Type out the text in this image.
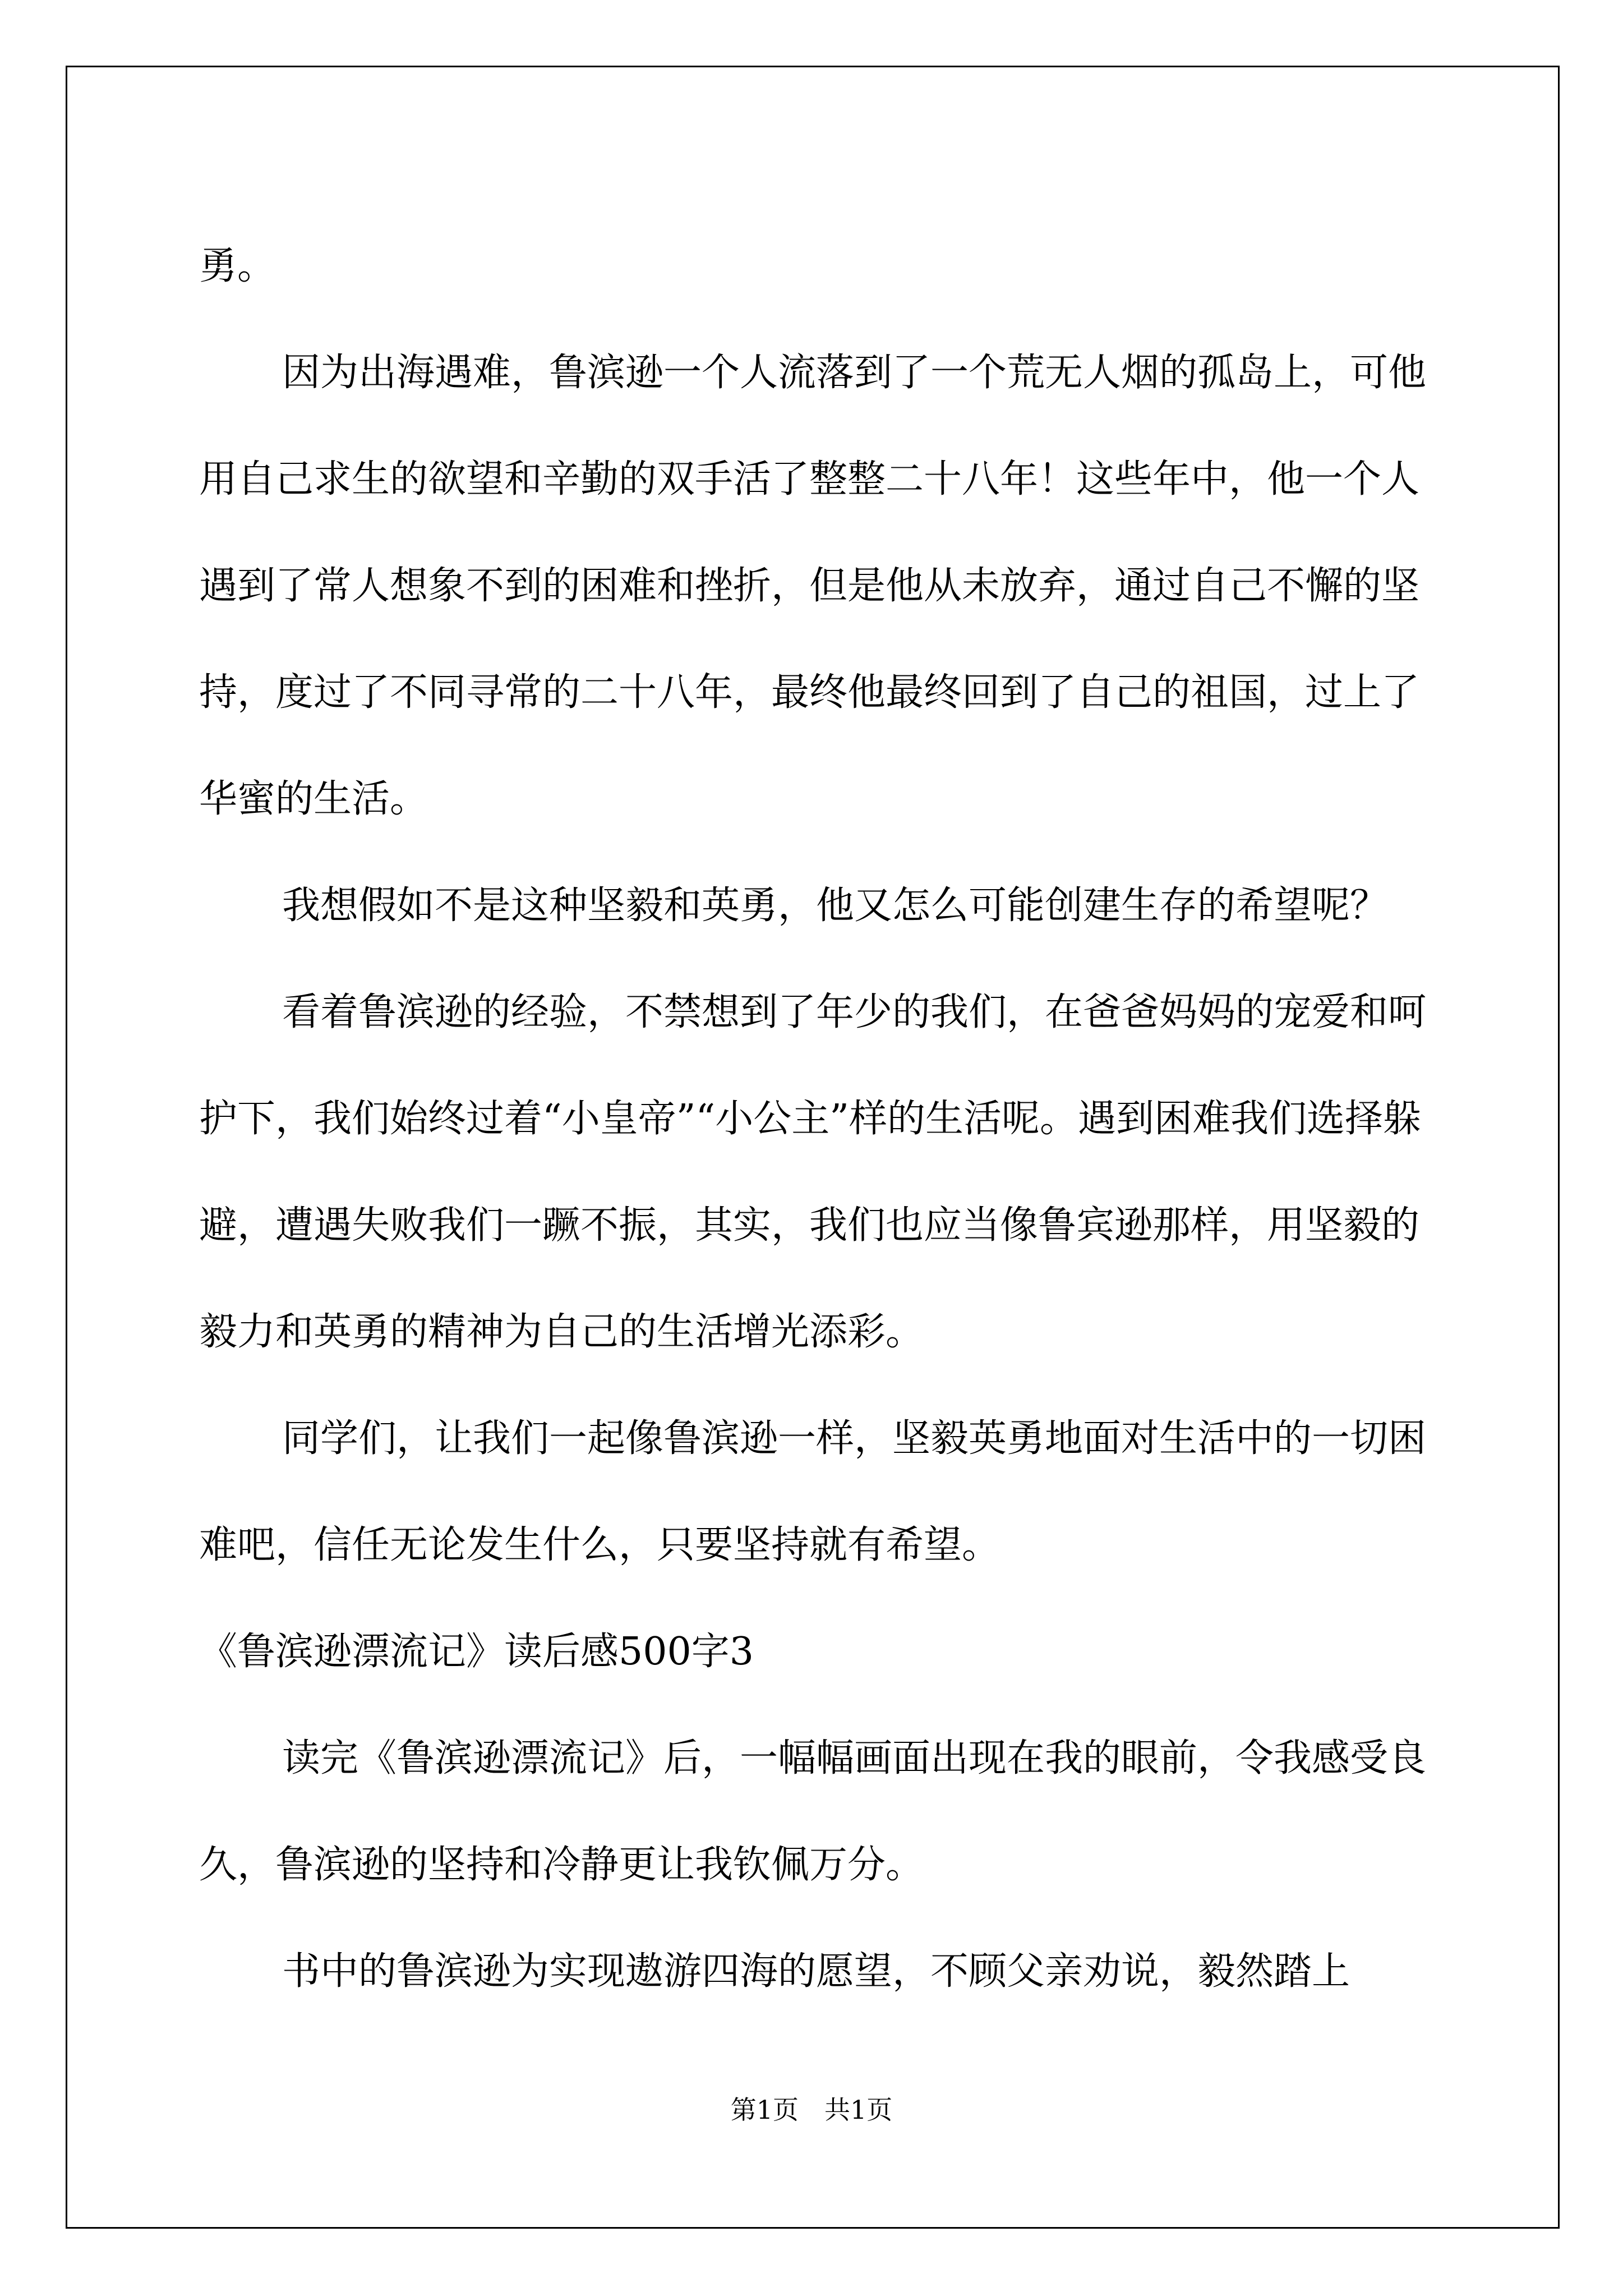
勇。

因为出海遇难，鲁滨逊一个人流落到了一个荒无人烟的孤岛上，可他用自己求生的欲望和辛勤的双手活了整整二十八年！这些年中，他一个人遇到了常人想象不到的困难和挫折，但是他从未放弃，通过自己不懈的坚持，度过了不同寻常的二十八年，最终他最终回到了自己的祖国，过上了华蜜的生活。

我想假如不是这种坚毅和英勇，他又怎么可能创建生存的希望呢？

看着鲁滨逊的经验，不禁想到了年少的我们，在爸爸妈妈的宠爱和呵护下，我们始终过着“小皇帝”“小公主”样的生活呢。遇到困难我们选择躲避，遭遇失败我们一蹶不振，其实，我们也应当像鲁宾逊那样，用坚毅的毅力和英勇的精神为自己的生活增光添彩。

同学们，让我们一起像鲁滨逊一样，坚毅英勇地面对生活中的一切困难吧，信任无论发生什么，只要坚持就有希望。

《鲁滨逊漂流记》读后感500字3

读完《鲁滨逊漂流记》后，一幅幅画面出现在我的眼前，令我感受良久，鲁滨逊的坚持和冷静更让我钦佩万分。

书中的鲁滨逊为实现遨游四海的愿望，不顾父亲劝说，毅然踏上

第1页　共1页
